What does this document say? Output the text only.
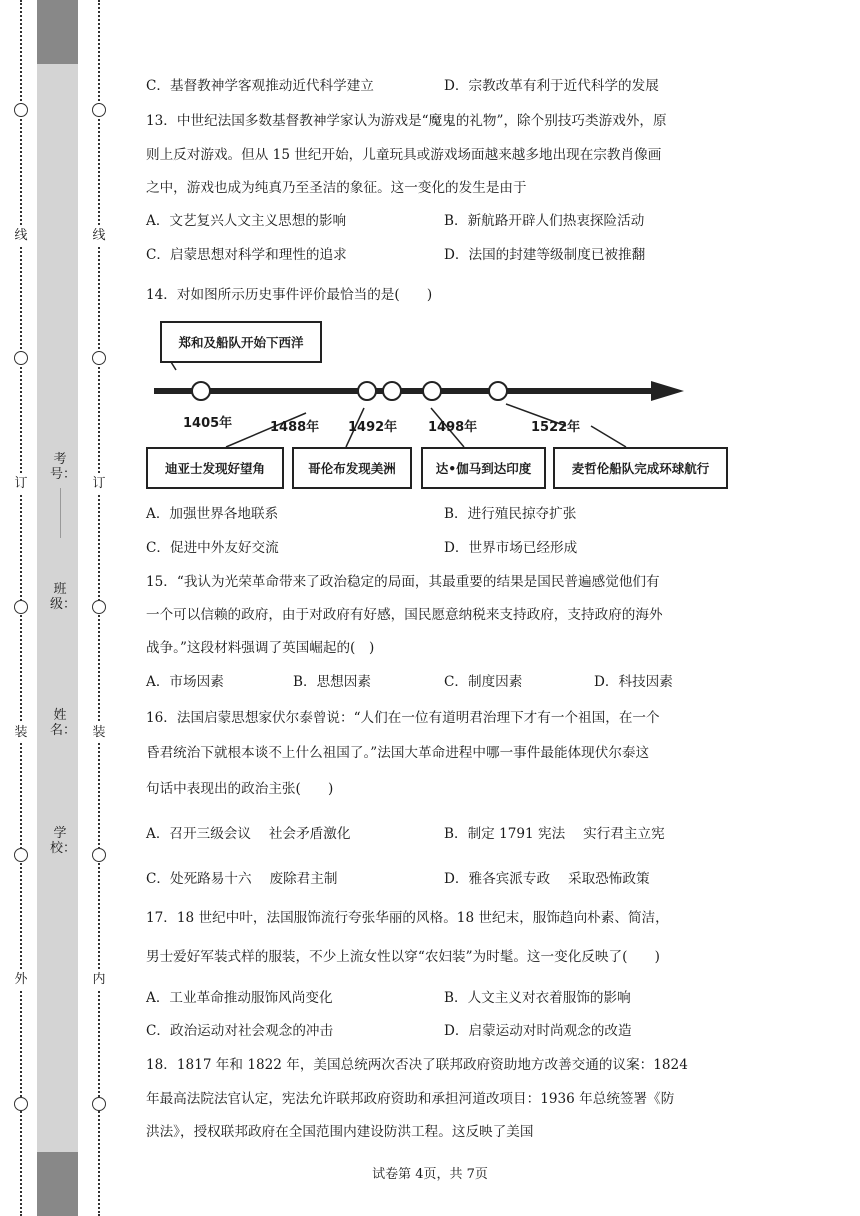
线
订
装
外
线
订
装
内
考号：
班级：
姓名：
学校：
C．基督教神学客观推动近代科学建立	D．宗教改革有利于近代科学的发展
13．中世纪法国多数基督教神学家认为游戏是“魔鬼的礼物”，除个别技巧类游戏外，原
则上反对游戏。但从 15 世纪开始，儿童玩具或游戏场面越来越多地出现在宗教肖像画
之中，游戏也成为纯真乃至圣洁的象征。这一变化的发生是由于
A．文艺复兴人文主义思想的影响	B．新航路开辟人们热衷探险活动
C．启蒙思想对科学和理性的追求	D．法国的封建等级制度已被推翻
14．对如图所示历史事件评价最恰当的是(　　)
郑和及船队开始下西洋
1405年	1488年 1492年 1498年	1522年
迪亚士发现好望角	哥伦布发现美洲	达•伽马到达印度	麦哲伦船队完成环球航行
A．加强世界各地联系	B．进行殖民掠夺扩张
C．促进中外友好交流	D．世界市场已经形成
15．“我认为光荣革命带来了政治稳定的局面，其最重要的结果是国民普遍感觉他们有
一个可以信赖的政府，由于对政府有好感，国民愿意纳税来支持政府，支持政府的海外
战争。”这段材料强调了英国崛起的(　)
A．市场因素	B．思想因素	C．制度因素	D．科技因素
16．法国启蒙思想家伏尔泰曾说：“人们在一位有道明君治理下才有一个祖国，在一个
昏君统治下就根本谈不上什么祖国了。”法国大革命进程中哪一事件最能体现伏尔泰这
句话中表现出的政治主张(　　)
A．召开三级会议　 社会矛盾激化	B．制定 1791 宪法　 实行君主立宪
C．处死路易十六　 废除君主制	D．雅各宾派专政　 采取恐怖政策
17．18 世纪中叶，法国服饰流行夸张华丽的风格。18 世纪末，服饰趋向朴素、简洁，
男士爱好军装式样的服装，不少上流女性以穿“农妇装”为时髦。这一变化反映了(　　)
A．工业革命推动服饰风尚变化	B．人文主义对衣着服饰的影响
C．政治运动对社会观念的冲击	D．启蒙运动对时尚观念的改造
18．1817 年和 1822 年，美国总统两次否决了联邦政府资助地方改善交通的议案：1824
年最高法院法官认定，宪法允许联邦政府资助和承担河道改项目：1936 年总统签署《防
洪法》，授权联邦政府在全国范围内建设防洪工程。这反映了美国
试卷第 4页，共 7页
